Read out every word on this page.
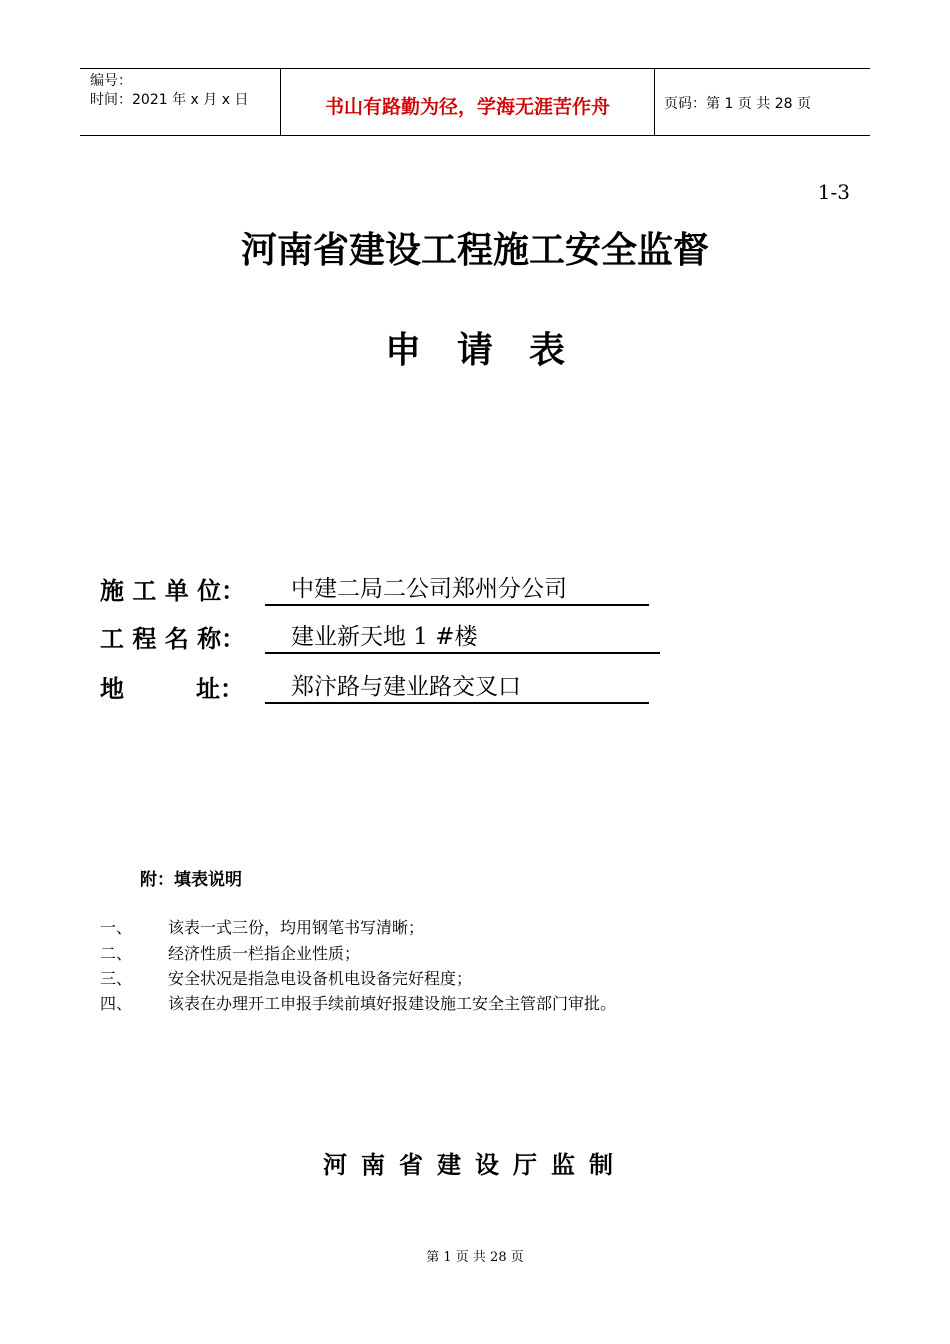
编号：
时间：2021 年 x 月 x 日	书山有路勤为径，学海无涯苦作舟	页码：第 1 页 共 28 页
1-3
河南省建设工程施工安全监督
申　请　表
施 工 单 位：	中建二局二公司郑州分公司
工 程 名 称：	建业新天地 1 #楼
地　　　址：	郑汴路与建业路交叉口
附：填表说明
一、 该表一式三份，均用钢笔书写清晰；
二、 经济性质一栏指企业性质；
三、 安全状况是指急电设备机电设备完好程度；
四、 该表在办理开工申报手续前填好报建设施工安全主管部门审批。
河南省建设厅监制
第 1 页 共 28 页
